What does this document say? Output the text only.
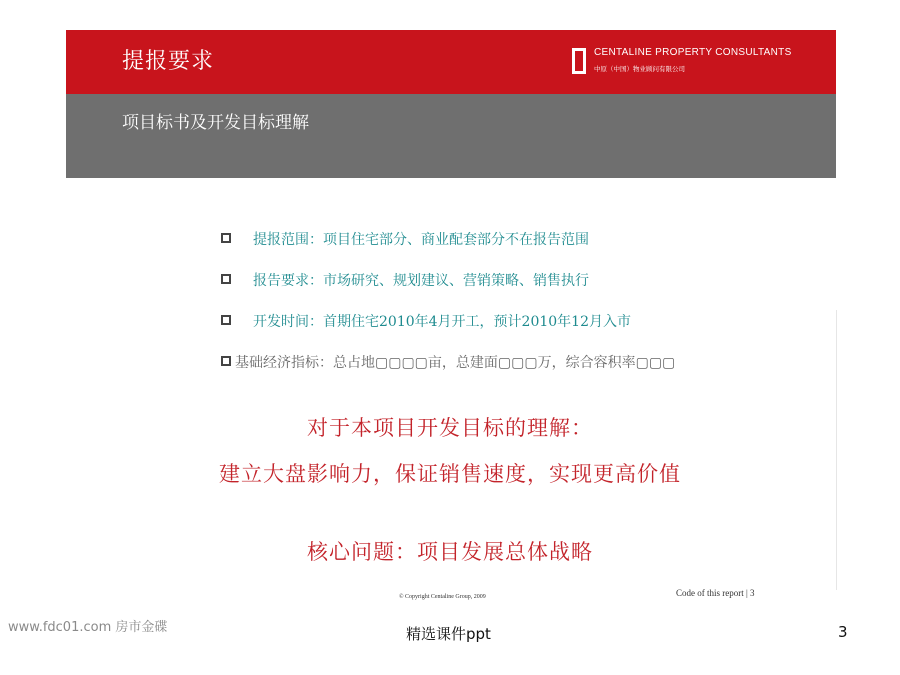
提报要求
项目标书及开发目标理解
CENTALINE PROPERTY CONSULTANTS
中原（中国）物业顾问有限公司
提报范围：项目住宅部分、商业配套部分不在报告范围
报告要求：市场研究、规划建议、营销策略、销售执行
开发时间：首期住宅2010年4月开工，预计2010年12月入市
基础经济指标：总占地▢▢▢▢亩，总建面▢▢▢万，综合容积率▢▢▢
对于本项目开发目标的理解：
建立大盘影响力，保证销售速度，实现更高价值
核心问题：项目发展总体战略
© Copyright Centaline Group, 2009	Code of this report | 3
www.fdc01.com 房市金碟	精选课件ppt	3
